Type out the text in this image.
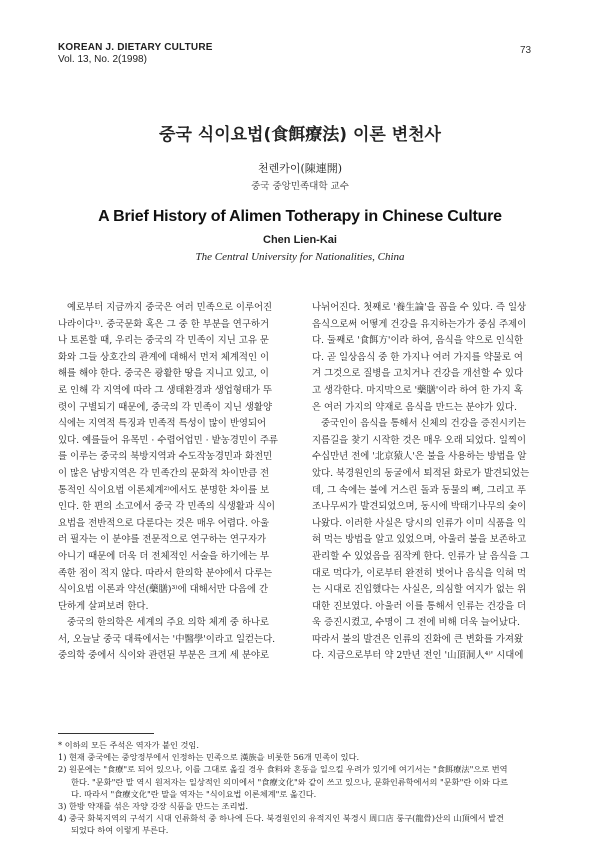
KOREAN J. DIETARY CULTURE
Vol. 13, No. 2(1998)
73
중국 식이요법(食餌療法) 이론 변천사
천렌카이(陳連開)
중국 중앙민족대학 교수
A Brief History of Alimen Totherapy in Chinese Culture
Chen Lien-Kai
The Central University for Nationalities, China
예로부터 지금까지 중국은 여러 민족으로 이루어진
나라이다¹⁾. 중국문화 혹은 그 중 한 부분을 연구하거
나 토론할 때, 우리는 중국의 각 민족이 지닌 고유 문
화와 그들 상호간의 관계에 대해서 먼저 체계적인 이
해를 해야 한다. 중국은 광활한 땅을 지니고 있고, 이
로 인해 각 지역에 따라 그 생태환경과 생업형태가 뚜
렷이 구별되기 때문에, 중국의 각 민족이 지닌 생활양
식에는 지역적 특징과 민족적 특성이 많이 반영되어
있다. 예를들어 유목민 · 수렵어업민 · 밭농경민이 주류
를 이루는 중국의 북방지역과 수도작농경민과 화전민
이 많은 남방지역은 각 민족간의 문화적 차이만큼 전
통적인 식이요법 이론체계²⁾에서도 분명한 차이를 보
인다. 한 편의 소고에서 중국 각 민족의 식생활과 식이
요법을 전반적으로 다룬다는 것은 매우 어렵다. 아울
러 필자는 이 분야를 전문적으로 연구하는 연구자가
아니기 때문에 더욱 더 전체적인 서술을 하기에는 부
족한 점이 적지 않다. 따라서 한의학 분야에서 다루는
식이요법 이론과 약선(藥膳)³⁾에 대해서만 다음에 간
단하게 살펴보려 한다.
중국의 한의학은 세계의 주요 의학 체계 중 하나로
서, 오늘날 중국 대륙에서는 '中醫學'이라고 일컫는다.
중의학 중에서 식이와 관련된 부분은 크게 세 분야로
나뉘어진다. 첫째로 '養生論'을 꼽을 수 있다. 즉 일상
음식으로써 어떻게 건강을 유지하는가가 중심 주제이
다. 둘째로 '食餌方'이라 하여, 음식을 약으로 인식한
다. 곧 일상음식 중 한 가지나 여러 가지를 약물로 여
겨 그것으로 질병을 고치거나 건강을 개선할 수 있다
고 생각한다. 마지막으로 '藥膳'이라 하여 한 가지 혹
은 여러 가지의 약재로 음식을 만드는 분야가 있다.
중국인이 음식을 통해서 신체의 건강을 증진시키는
지름길을 찾기 시작한 것은 매우 오래 되었다. 일찍이
수십만년 전에 '北京猿人'은 불을 사용하는 방법을 알
았다. 북경원인의 동굴에서 퇴적된 화로가 발견되었는
데, 그 속에는 불에 거스린 돌과 동물의 뼈, 그리고 푸
조나무씨가 발견되었으며, 동시에 박태기나무의 숯이
나왔다. 이러한 사실은 당시의 인류가 이미 식품을 익
혀 먹는 방법을 알고 있었으며, 아울러 불을 보존하고
관리할 수 있었음을 짐작케 한다. 인류가 날 음식을 그
대로 먹다가, 이로부터 완전히 벗어나 음식을 익혀 먹
는 시대로 진입했다는 사실은, 의심할 여지가 없는 위
대한 진보였다. 아울러 이를 통해서 인류는 건강을 더
욱 증진시켰고, 수명이 그 전에 비해 더욱 늘어났다.
따라서 불의 발견은 인류의 진화에 큰 변화를 가져왔
다. 지금으로부터 약 2만년 전인 '山頂洞人⁴⁾' 시대에
* 이하의 모든 주석은 역자가 붙인 것임.
1) 현재 중국에는 중앙정부에서 인정하는 민족으로 漢族을 비롯한 56개 민족이 있다.
2) 원문에는 "食療"로 되어 있으나, 이를 그대로 옮길 경우 食料와 혼동을 일으킬 우려가 있기에 여기서는 "食餌療法"으로 번역
한다. "문화"란 말 역시 원저자는 일상적인 의미에서 "食療文化"와 같이 쓰고 있으나, 문화인류학에서의 "문화"란 이와 다르
다. 따라서 "食療文化"란 말을 역자는 "식이요법 이론체계"로 옮긴다.
3) 한방 약재를 섞은 자양 강장 식품을 만드는 조리법.
4) 중국 화북지역의 구석기 시대 인류화석 중 하나에 든다. 북경원인의 유적지인 북경시 周口店 룽구(龍骨)산의 山頂에서 발견
되었다 하여 이렇게 부른다.
